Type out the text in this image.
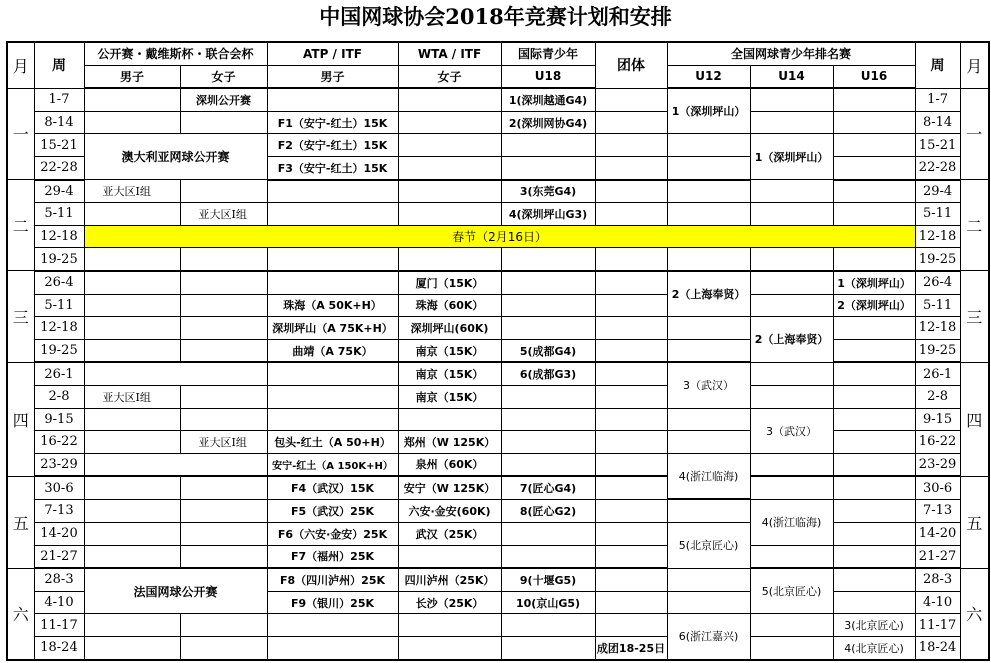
中国网球协会2018年竞赛计划和安排
月	周	公开赛・戴维斯杯・联合会杯		ATP / ITF	WTA / ITF	国际青少年	团体	全国网球青少年排名赛			周	月
		男子	女子	男子	女子	U18		U12	U14	U16		
一	1-7		深圳公开赛			1(深圳越通G4)		1（深圳坪山）			1-7	一
	8-14			F1（安宁-红土）15K		2(深圳网协G4)					8-14	
	15-21	澳大利亚网球公开赛		F2（安宁-红土）15K					1（深圳坪山）		15-21	
	22-28			F3（安宁-红土）15K							22-28	
二	29-4	亚大区Ⅰ组				3(东莞G4)					29-4	二
	5-11		亚大区Ⅰ组			4(深圳坪山G3)					5-11	
	12-18	春节（2月16日）									12-18	
	19-25										19-25	
三	26-4				厦门（15K）			2（上海奉贤）		1（深圳坪山）	26-4	三
	5-11			珠海（A 50K+H）	珠海（60K）					2（深圳坪山）	5-11	
	12-18			深圳坪山（A 75K+H）	深圳坪山(60K)				2（上海奉贤）		12-18	
	19-25			曲靖（A 75K）	南京（15K）	5(成都G4)					19-25	
四	26-1				南京（15K）	6(成都G3)		3（武汉）			26-1	四
	2-8	亚大区Ⅰ组			南京（15K）						2-8	
	9-15								3（武汉）		9-15	
	16-22		亚大区Ⅰ组	包头-红土（A 50+H）	郑州（W 125K）						16-22	
	23-29			安宁-红土（A 150K+H）	泉州（60K）			4(浙江临海)			23-29	
五	30-6			F4（武汉）15K	安宁（W 125K）	7(匠心G4)					30-6	五
	7-13			F5（武汉）25K	六安·金安(60K)	8(匠心G2)			4(浙江临海)		7-13	
	14-20			F6（六安·金安）25K	武汉（25K）			5(北京匠心)			14-20	
	21-27			F7（福州）25K							21-27	
六	28-3	法国网球公开赛		F8（四川泸州）25K	四川泸州（25K）	9(十堰G5)			5(北京匠心)		28-3	六
	4-10			F9（银川）25K	长沙（25K）	10(京山G5)					4-10	
	11-17							6(浙江嘉兴)		3(北京匠心)	11-17	
	18-24						成团18-25日			4(北京匠心)	18-24	
